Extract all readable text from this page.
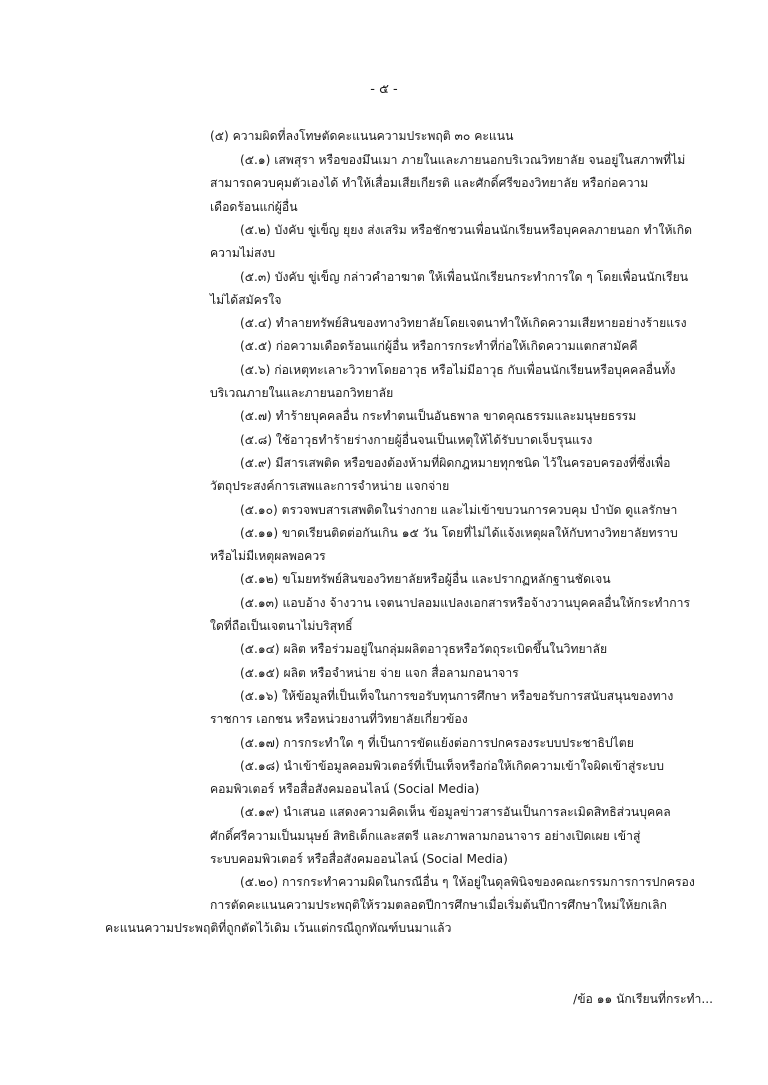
- ๕ -
(๕) ความผิดที่ลงโทษตัดคะแนนความประพฤติ ๓๐ คะแนน
(๕.๑) เสพสุรา หรือของมึนเมา ภายในและภายนอกบริเวณวิทยาลัย จนอยู่ในสภาพที่ไม่
สามารถควบคุมตัวเองได้ ทำให้เสื่อมเสียเกียรติ และศักดิ์ศรีของวิทยาลัย หรือก่อความ
เดือดร้อนแก่ผู้อื่น
(๕.๒) บังคับ ขู่เข็ญ ยุยง ส่งเสริม หรือชักชวนเพื่อนนักเรียนหรือบุคคลภายนอก ทำให้เกิด
ความไม่สงบ
(๕.๓) บังคับ ขู่เข็ญ กล่าวคำอาฆาต ให้เพื่อนนักเรียนกระทำการใด ๆ โดยเพื่อนนักเรียน
ไม่ได้สมัครใจ
(๕.๔) ทำลายทรัพย์สินของทางวิทยาลัยโดยเจตนาทำให้เกิดความเสียหายอย่างร้ายแรง
(๕.๕) ก่อความเดือดร้อนแก่ผู้อื่น หรือการกระทำที่ก่อให้เกิดความแตกสามัคคี
(๕.๖) ก่อเหตุทะเลาะวิวาทโดยอาวุธ หรือไม่มีอาวุธ กับเพื่อนนักเรียนหรือบุคคลอื่นทั้ง
บริเวณภายในและภายนอกวิทยาลัย
(๕.๗) ทำร้ายบุคคลอื่น กระทำตนเป็นอันธพาล ขาดคุณธรรมและมนุษยธรรม
(๕.๘) ใช้อาวุธทำร้ายร่างกายผู้อื่นจนเป็นเหตุให้ได้รับบาดเจ็บรุนแรง
(๕.๙) มีสารเสพติด หรือของต้องห้ามที่ผิดกฎหมายทุกชนิด ไว้ในครอบครองที่ซึ่งเพื่อ
วัตถุประสงค์การเสพและการจำหน่าย แจกจ่าย
(๕.๑๐) ตรวจพบสารเสพติดในร่างกาย และไม่เข้าขบวนการควบคุม บำบัด ดูแลรักษา
(๕.๑๑) ขาดเรียนติดต่อกันเกิน ๑๕ วัน โดยที่ไม่ได้แจ้งเหตุผลให้กับทางวิทยาลัยทราบ
หรือไม่มีเหตุผลพอควร
(๕.๑๒) ขโมยทรัพย์สินของวิทยาลัยหรือผู้อื่น และปรากฏหลักฐานชัดเจน
(๕.๑๓) แอบอ้าง จ้างวาน เจตนาปลอมแปลงเอกสารหรือจ้างวานบุคคลอื่นให้กระทำการ
ใดที่ถือเป็นเจตนาไม่บริสุทธิ์
(๕.๑๔) ผลิต หรือร่วมอยู่ในกลุ่มผลิตอาวุธหรือวัตถุระเบิดขึ้นในวิทยาลัย
(๕.๑๕) ผลิต หรือจำหน่าย จ่าย แจก สื่อลามกอนาจาร
(๕.๑๖) ให้ข้อมูลที่เป็นเท็จในการขอรับทุนการศึกษา หรือขอรับการสนับสนุนของทาง
ราชการ เอกชน หรือหน่วยงานที่วิทยาลัยเกี่ยวข้อง
(๕.๑๗) การกระทำใด ๆ ที่เป็นการขัดแย้งต่อการปกครองระบบประชาธิปไตย
(๕.๑๘) นำเข้าข้อมูลคอมพิวเตอร์ที่เป็นเท็จหรือก่อให้เกิดความเข้าใจผิดเข้าสู่ระบบ
คอมพิวเตอร์ หรือสื่อสังคมออนไลน์ (Social Media)
(๕.๑๙) นำเสนอ แสดงความคิดเห็น ข้อมูลข่าวสารอันเป็นการละเมิดสิทธิส่วนบุคคล
ศักดิ์ศรีความเป็นมนุษย์ สิทธิเด็กและสตรี และภาพลามกอนาจาร อย่างเปิดเผย เข้าสู่
ระบบคอมพิวเตอร์ หรือสื่อสังคมออนไลน์ (Social Media)
(๕.๒๐) การกระทำความผิดในกรณีอื่น ๆ ให้อยู่ในดุลพินิจของคณะกรรมการการปกครอง
การตัดคะแนนความประพฤติให้รวมตลอดปีการศึกษาเมื่อเริ่มต้นปีการศึกษาใหม่ให้ยกเลิก
คะแนนความประพฤติที่ถูกตัดไว้เดิม เว้นแต่กรณีถูกทัณฑ์บนมาแล้ว
/ข้อ ๑๑ นักเรียนที่กระทำ...
